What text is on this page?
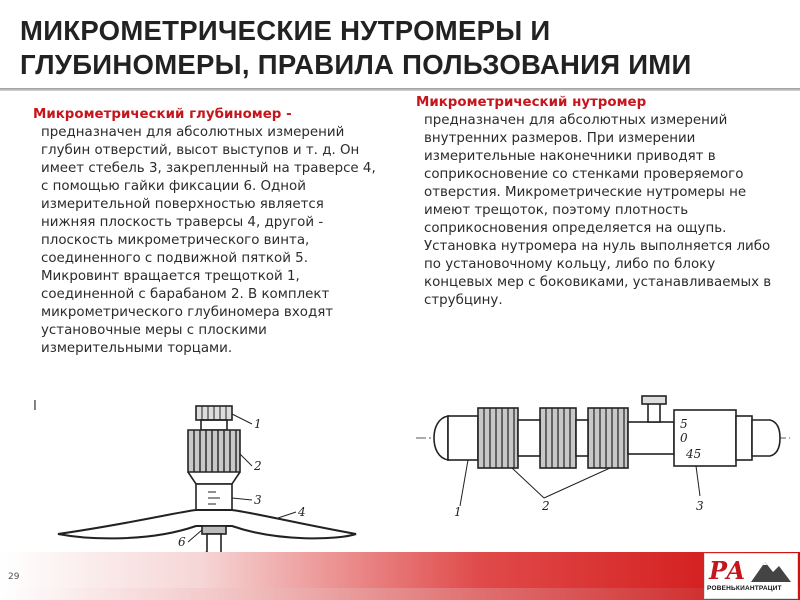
МИКРОМЕТРИЧЕСКИЕ НУТРОМЕРЫ И
ГЛУБИНОМЕРЫ, ПРАВИЛА ПОЛЬЗОВАНИЯ ИМИ
Микрометрический глубиномер -
предназначен для абсолютных измерений глубин отверстий, высот выступов и т. д. Он имеет стебель 3, закрепленный на траверсе 4, с помощью гайки фиксации 6. Одной измерительной поверхностью является нижняя плоскость траверсы 4, другой - плоскость микрометрического винта, соединенного с подвижной пяткой 5. Микровинт вращается трещоткой 1, соединенной с барабаном 2. В комплект микрометрического глубиномера входят установочные меры с плоскими измерительными торцами.
Микрометрический нутромер
предназначен для абсолютных измерений внутренних размеров. При измерении измерительные наконечники приводят в соприкосновение со стенками проверяемого отверстия. Микрометрические нутромеры не имеют трещоток, поэтому плотность соприкосновения определяется на ощупь. Установка нутромера на нуль выполняется либо по установочному кольцу, либо по блоку концевых мер с боковиками, устанавливаемых в струбцину.
I
1
2
3
4
6
5
0
45
1	2	3
29	РА
РОВЕНЬКИАНТРАЦИТ
